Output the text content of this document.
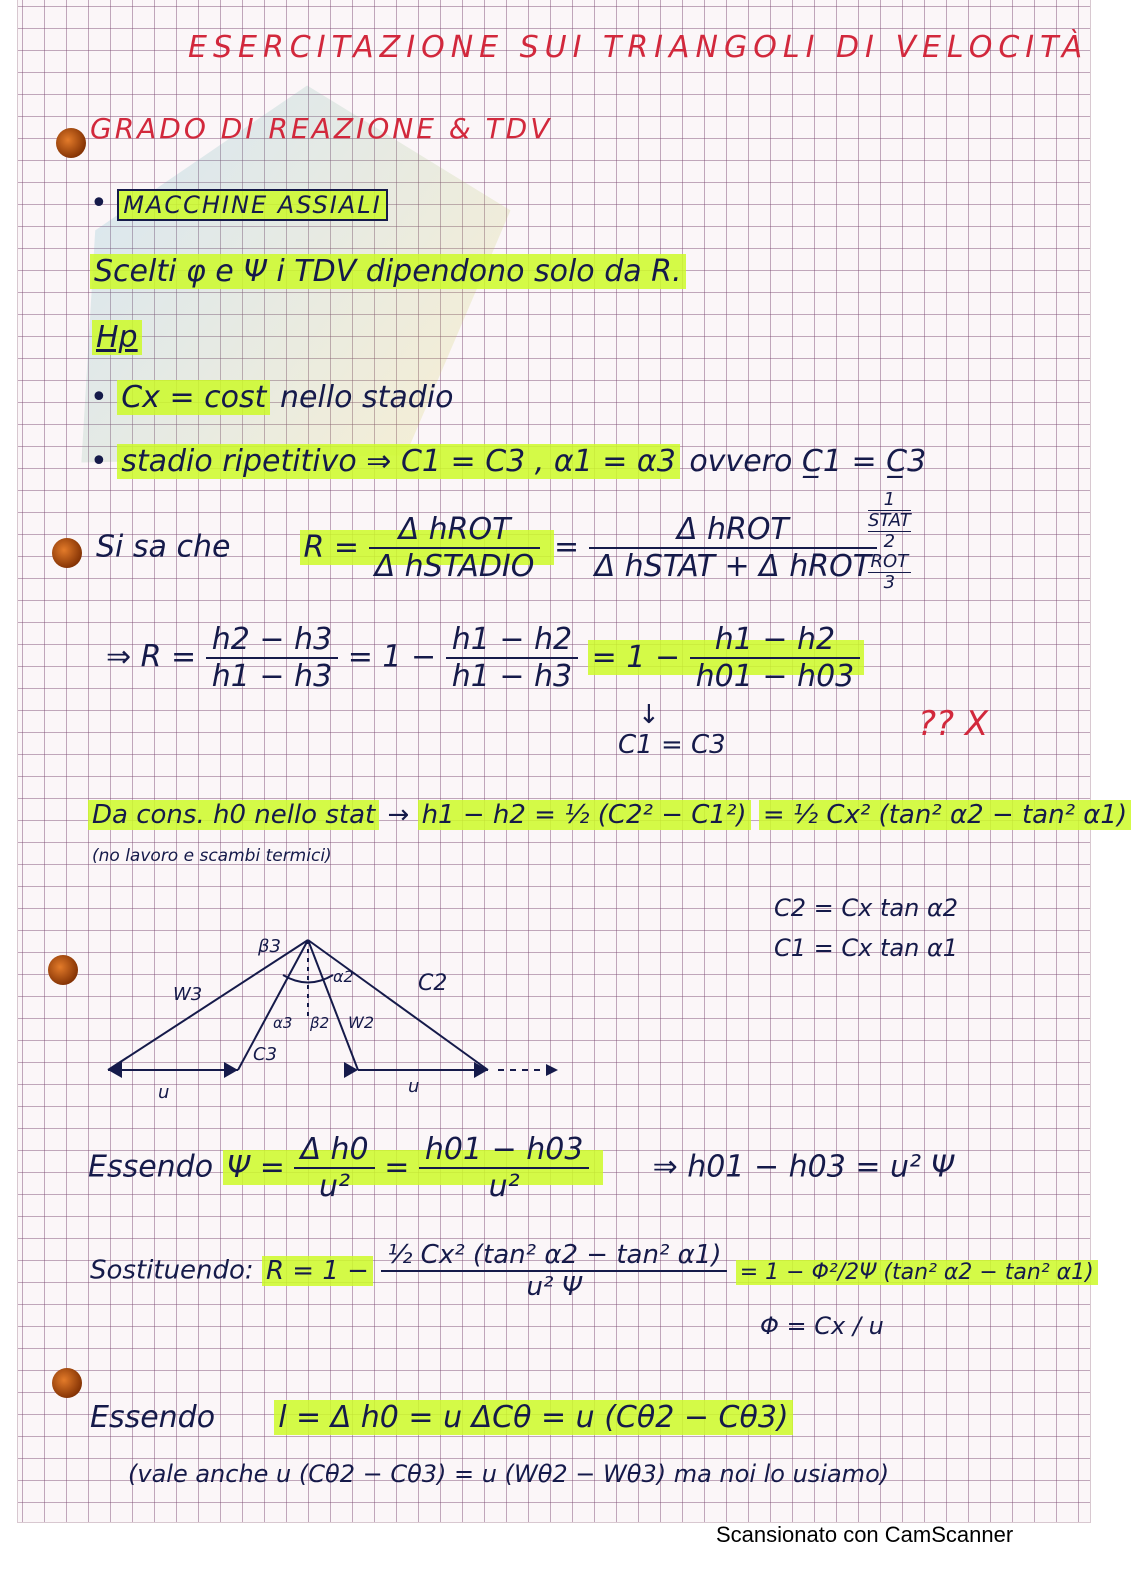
ESERCITAZIONE SUI TRIANGOLI DI VELOCITÀ
GRADO DI REAZIONE & TDV
• MACCHINE ASSIALI
Scelti φ e Ψ i TDV dipendono solo da R.
Hp
• Cx = cost nello stadio
• stadio ripetitivo ⇒ C1 = C3 , α1 = α3 ovvero C̲1 = C̲3
Si sa che $R = \frac{\text{Δ hROT}}{\text{Δ hSTADIO}} = \frac{\text{Δ hROT}}{\text{Δ hSTAT + Δ hROT}}$
1
STAT
2
ROT
3
⇒ $R = \frac{h2 - h3}{h1 - h3} = 1 - \frac{h1 - h2}{h1 - h3} = 1 - \frac{h1 - h2}{h01 - h03}$
↓
C1 = C3
?? X
Da cons. h0 nello stat → h1 − h2 = ½ (C2² − C1²) = ½ Cx² (tan² α2 − tan² α1)
(no lavoro e scambi termici)
C2 = Cx tan α2
C1 = Cx tan α1
β3
α2
W3	C2
α3 β2 W2
C3
u	u
Essendo $\Psi = \frac{\text{Δ h0}}{\text{u²}} = \frac{h01 - h03}{\text{u²}}$ ⇒ h01 − h03 = u² Ψ
Sostituendo: $R = 1 - \frac{\text{½ Cx² (tan² α2 − tan² α1)}}{\text{u² Ψ}} = 1 - \Phi^2/2\Psi$ (tan² α2 − tan² α1)
Φ = Cx / u
Essendo l = Δ h0 = u ΔCθ = u (Cθ2 − Cθ3)
(vale anche u (Cθ2 − Cθ3) = u (Wθ2 − Wθ3) ma noi lo usiamo)
Scansionato con CamScanner
